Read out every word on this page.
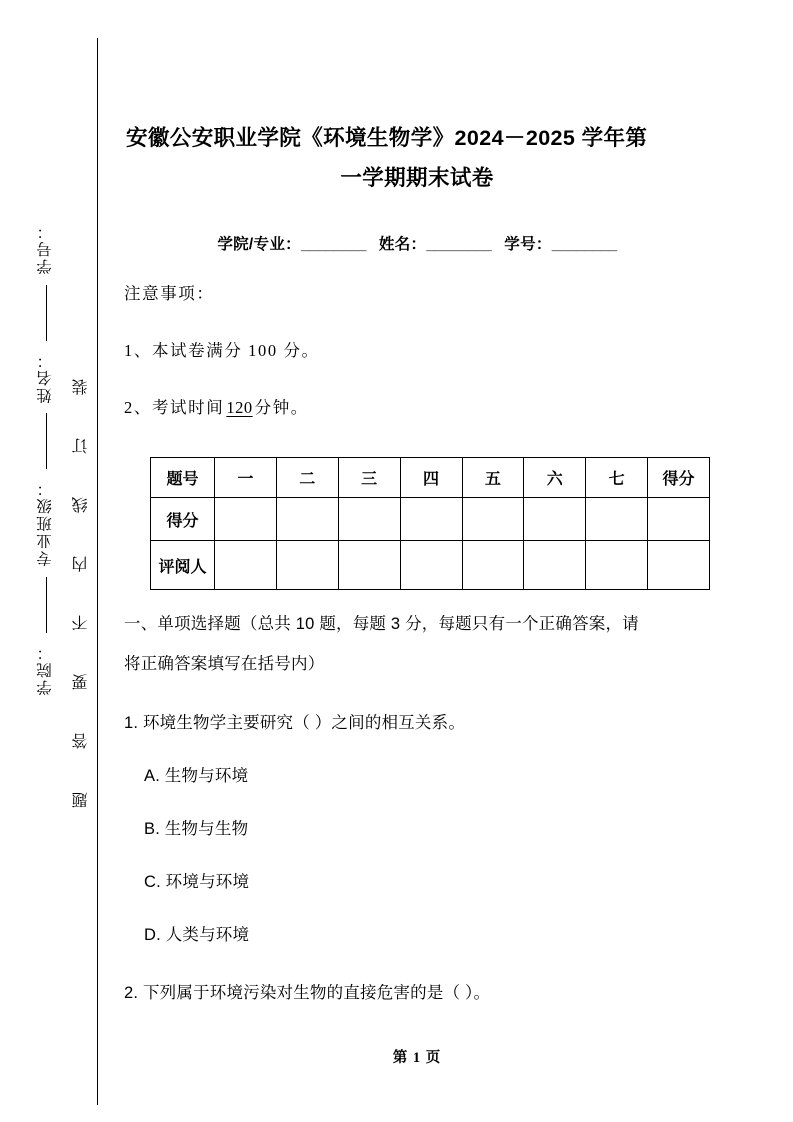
学号：
姓名：
专业班级：
学院： 题答要不内线订装
安徽公安职业学院《环境生物学》2024－2025 学年第
一学期期末试卷
学院/专业：________ 姓名：________ 学号：________
注意事项：
1、本试卷满分 100 分。
2、考试时间 120 分钟。
题号	一	二	三	四	五	六	七	得分
得分								
评阅人								
一、单项选择题（总共 10 题，每题 3 分，每题只有一个正确答案，请
将正确答案填写在括号内）
1. 环境生物学主要研究（ ）之间的相互关系。
A. 生物与环境
B. 生物与生物
C. 环境与环境
D. 人类与环境
2. 下列属于环境污染对生物的直接危害的是（ ）。
第 1 页
